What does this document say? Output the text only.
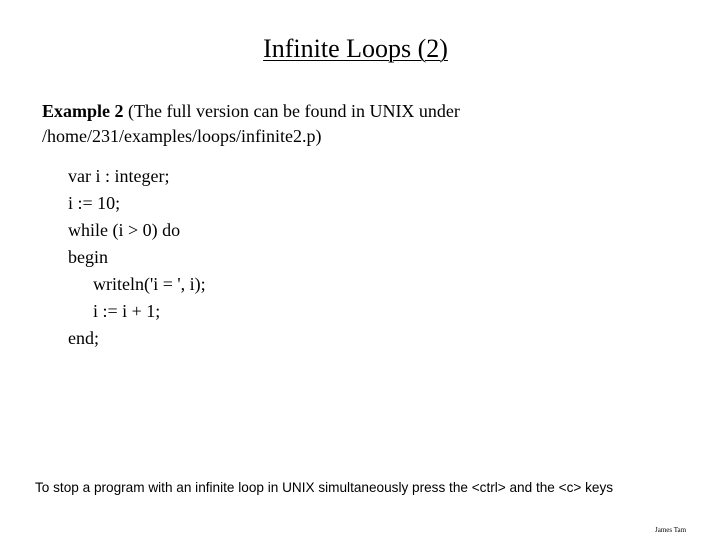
Infinite Loops (2)
Example 2 (The full version can be found in UNIX under
/home/231/examples/loops/infinite2.p)
var i : integer;
i := 10;
while (i > 0) do
begin
writeln('i = ', i);
i := i + 1;
end;
To stop a program with an infinite loop in UNIX simultaneously press the <ctrl> and the <c> keys
James Tam
